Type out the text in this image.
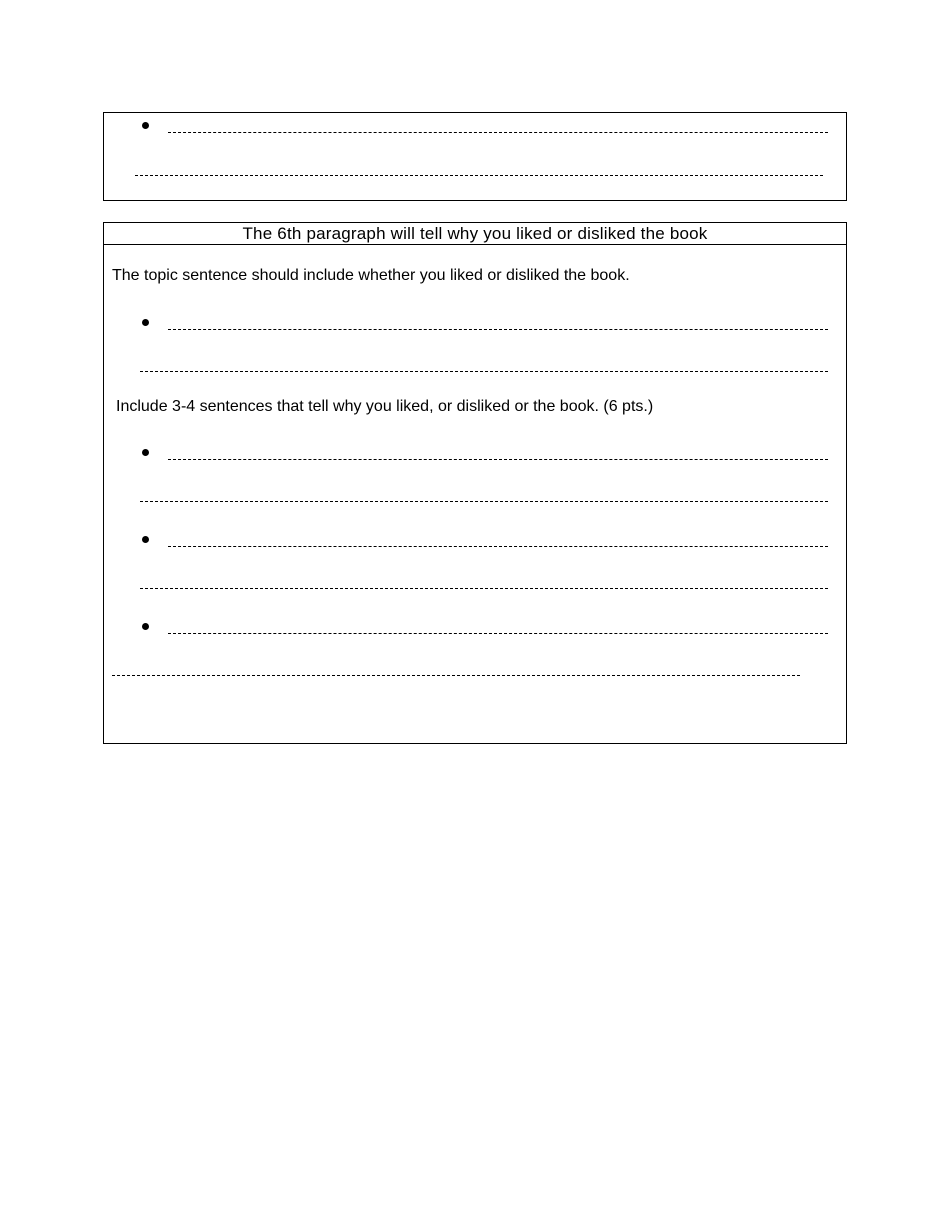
The 6th paragraph will tell why you liked or disliked the book
The topic sentence should include whether you liked or disliked the book.
Include 3-4 sentences that tell why you liked, or disliked or the book. (6 pts.)
